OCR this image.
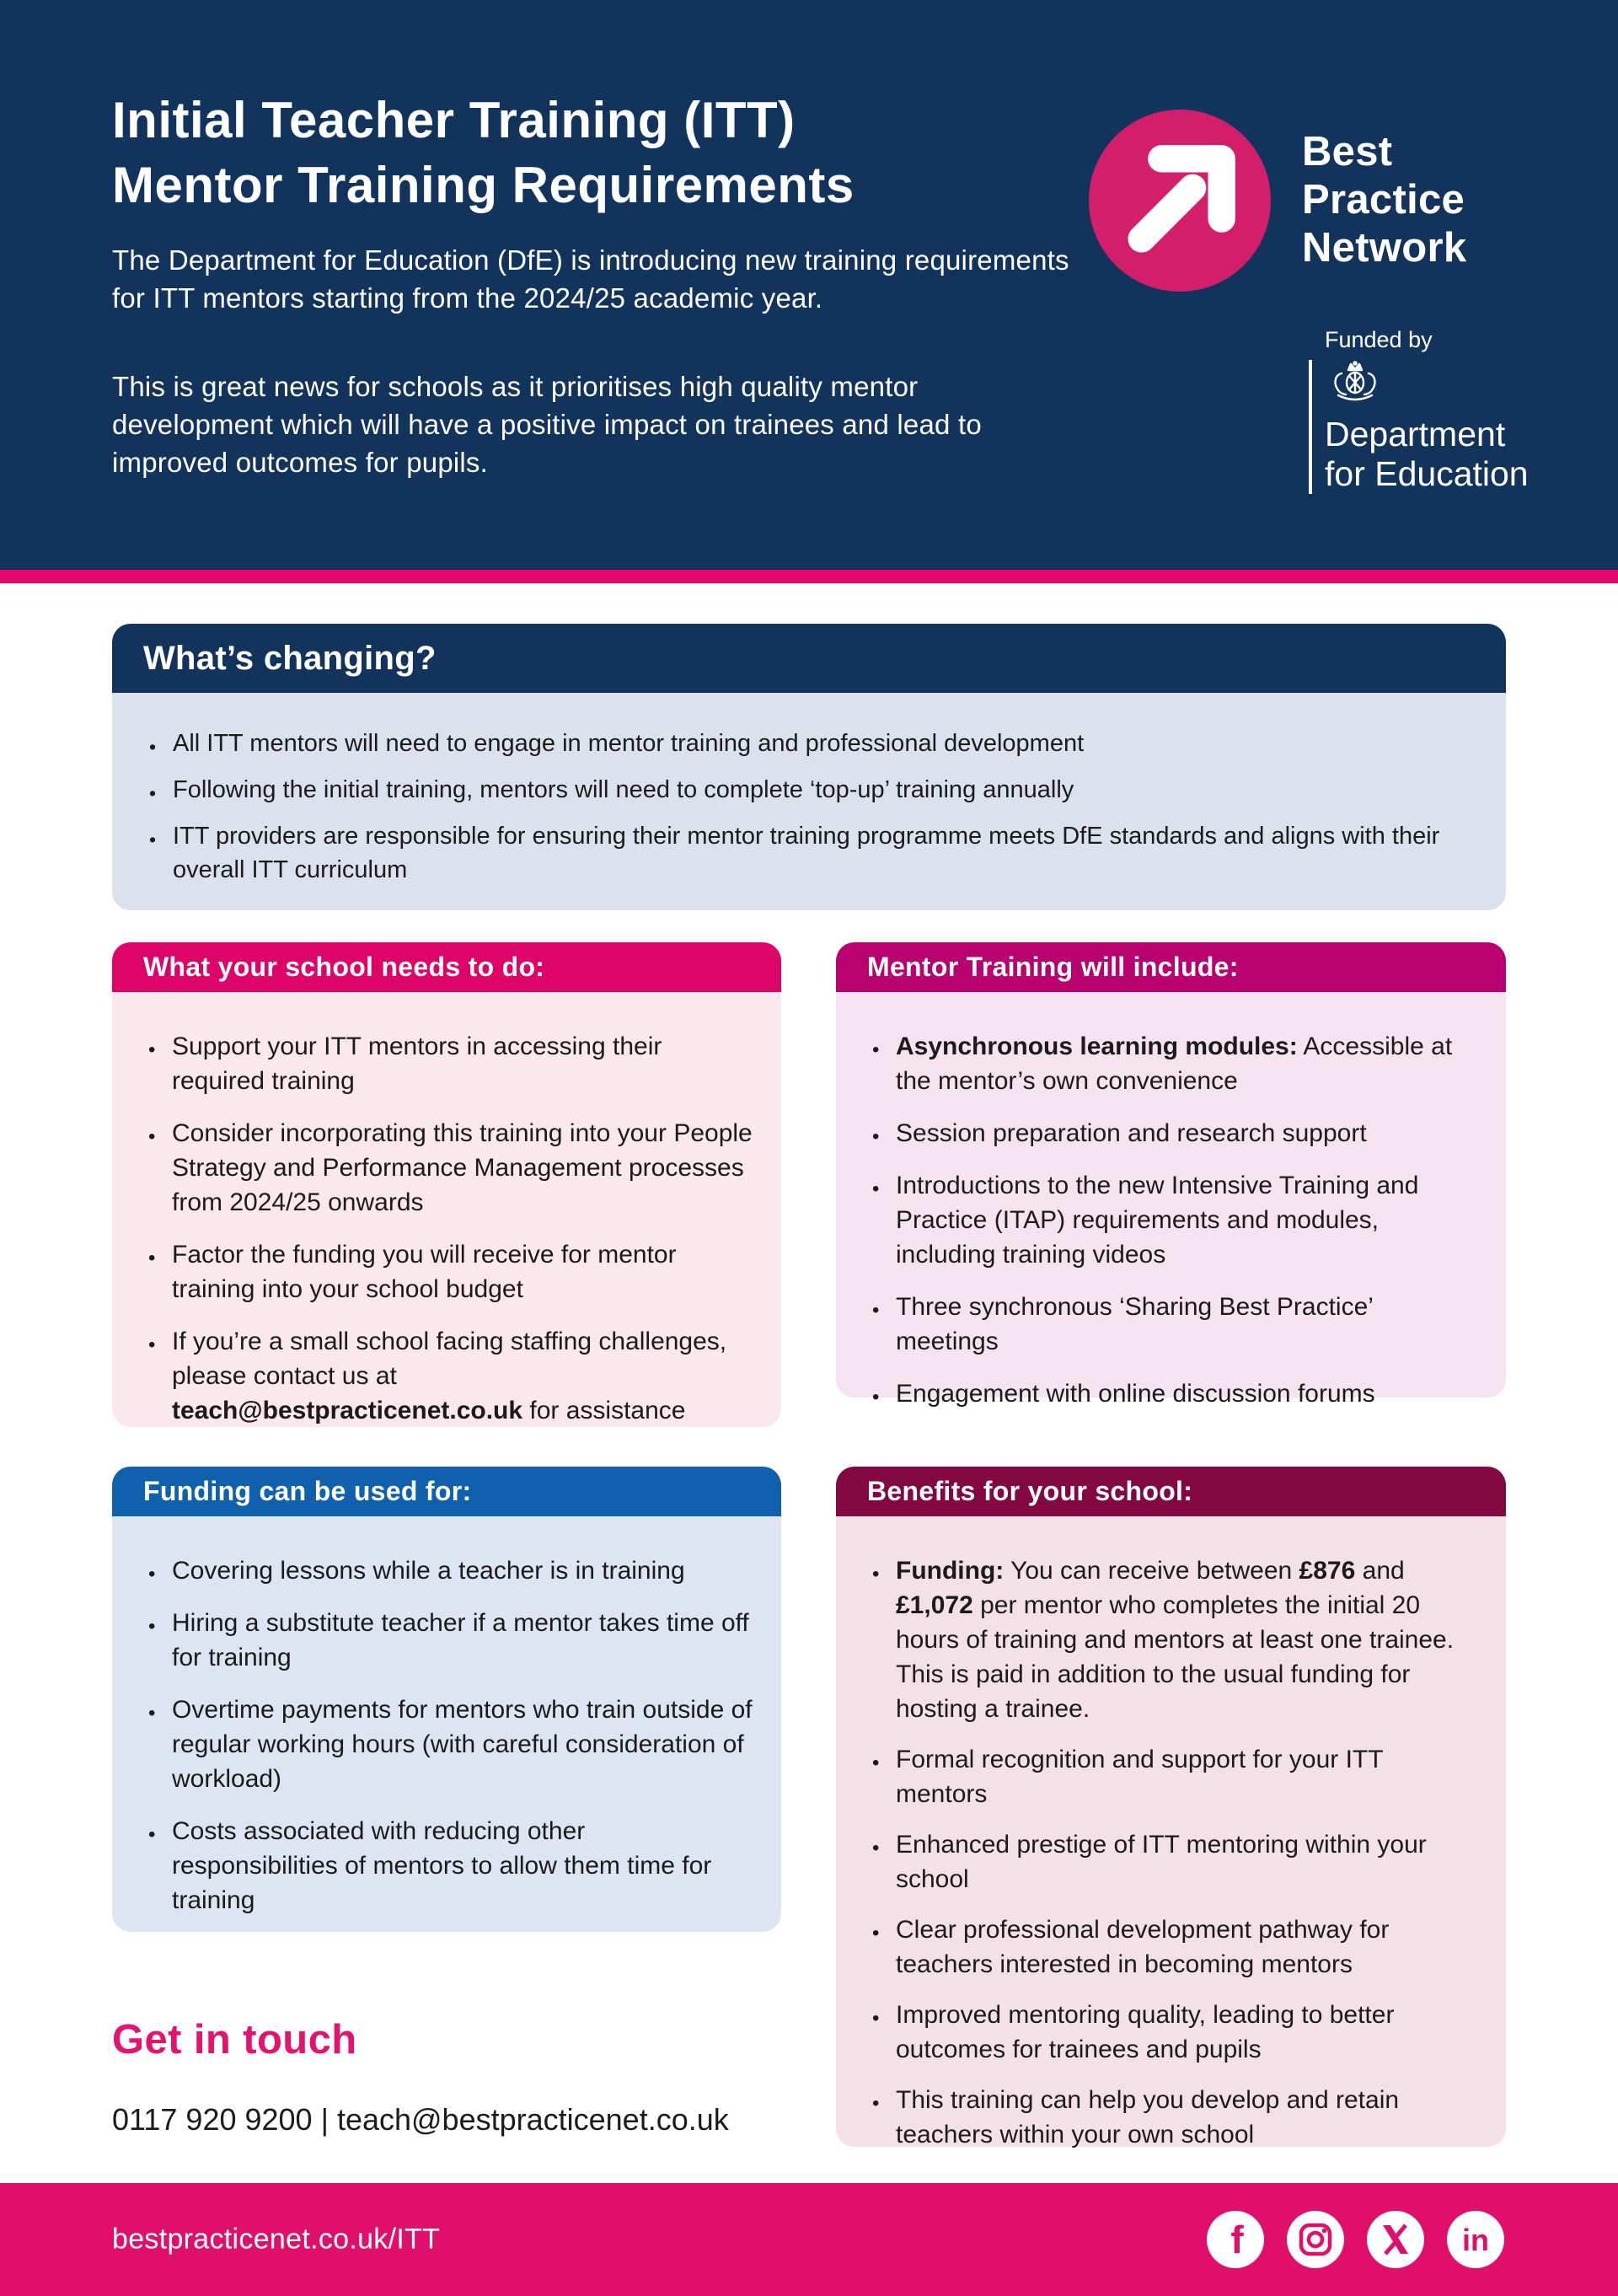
Initial Teacher Training (ITT)
Mentor Training Requirements

The Department for Education (DfE) is introducing new training requirements for ITT mentors starting from the 2024/25 academic year.

This is great news for schools as it prioritises high quality mentor development which will have a positive impact on trainees and lead to improved outcomes for pupils.

Best
Practice
Network
Funded by
Department
for Education
What’s changing?
• All ITT mentors will need to engage in mentor training and professional development
• Following the initial training, mentors will need to complete ‘top-up’ training annually
• ITT providers are responsible for ensuring their mentor training programme meets DfE standards and aligns with their overall ITT curriculum
What your school needs to do:
• Support your ITT mentors in accessing their required training
• Consider incorporating this training into your People Strategy and Performance Management processes from 2024/25 onwards
• Factor the funding you will receive for mentor training into your school budget
• If you’re a small school facing staffing challenges, please contact us at teach@bestpracticenet.co.uk for assistance
Mentor Training will include:
• Asynchronous learning modules: Accessible at the mentor’s own convenience
• Session preparation and research support
• Introductions to the new Intensive Training and Practice (ITAP) requirements and modules, including training videos
• Three synchronous ‘Sharing Best Practice’ meetings
• Engagement with online discussion forums
Funding can be used for:
• Covering lessons while a teacher is in training
• Hiring a substitute teacher if a mentor takes time off for training
• Overtime payments for mentors who train outside of regular working hours (with careful consideration of workload)
• Costs associated with reducing other responsibilities of mentors to allow them time for training
Benefits for your school:
• Funding: You can receive between £876 and £1,072 per mentor who completes the initial 20 hours of training and mentors at least one trainee. This is paid in addition to the usual funding for hosting a trainee.
• Formal recognition and support for your ITT mentors
• Enhanced prestige of ITT mentoring within your school
• Clear professional development pathway for teachers interested in becoming mentors
• Improved mentoring quality, leading to better outcomes for trainees and pupils
• This training can help you develop and retain teachers within your own school
Get in touch

0117 920 9200 | teach@bestpracticenet.co.uk

bestpracticenet.co.uk/ITT	f	in
